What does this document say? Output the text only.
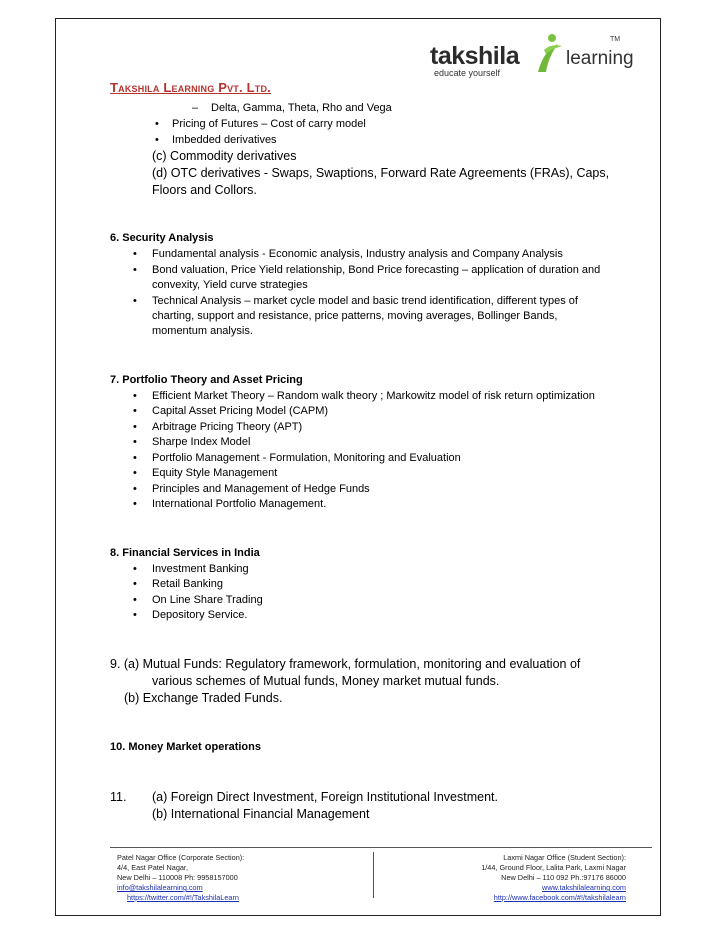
takshila learning
educate yourself
TM
Takshila Learning Pvt. Ltd.
– Delta, Gamma, Theta, Rho and Vega
• Pricing of Futures – Cost of carry model
• Imbedded derivatives
(c) Commodity derivatives
(d) OTC derivatives - Swaps, Swaptions, Forward Rate Agreements (FRAs), Caps,
Floors and Collors.
6. Security Analysis
• Fundamental analysis - Economic analysis, Industry analysis and Company Analysis
• Bond valuation, Price Yield relationship, Bond Price forecasting – application of duration and
convexity, Yield curve strategies
• Technical Analysis – market cycle model and basic trend identification, different types of
charting, support and resistance, price patterns, moving averages, Bollinger Bands,
momentum analysis.
7. Portfolio Theory and Asset Pricing
• Efficient Market Theory – Random walk theory ; Markowitz model of risk return optimization
• Capital Asset Pricing Model (CAPM)
• Arbitrage Pricing Theory (APT)
• Sharpe Index Model
• Portfolio Management - Formulation, Monitoring and Evaluation
• Equity Style Management
• Principles and Management of Hedge Funds
• International Portfolio Management.
8. Financial Services in India
• Investment Banking
• Retail Banking
• On Line Share Trading
• Depository Service.
9. (a) Mutual Funds: Regulatory framework, formulation, monitoring and evaluation of
various schemes of Mutual funds, Money market mutual funds.
(b) Exchange Traded Funds.
10. Money Market operations
11. (a) Foreign Direct Investment, Foreign Institutional Investment.
(b) International Financial Management
Patel Nagar Office (Corporate Section):
4/4, East Patel Nagar,
New Delhi – 110008 Ph: 9958157000
info@takshilalearning.com
https://twitter.com/#!/TakshilaLearn
Laxmi Nagar Office (Student Section):
1/44, Ground Floor, Lalita Park, Laxmi Nagar
New Delhi – 110 092 Ph.:97176 86000
www.takshilalearning.com
http://www.facebook.com/#!/takshilalearn
